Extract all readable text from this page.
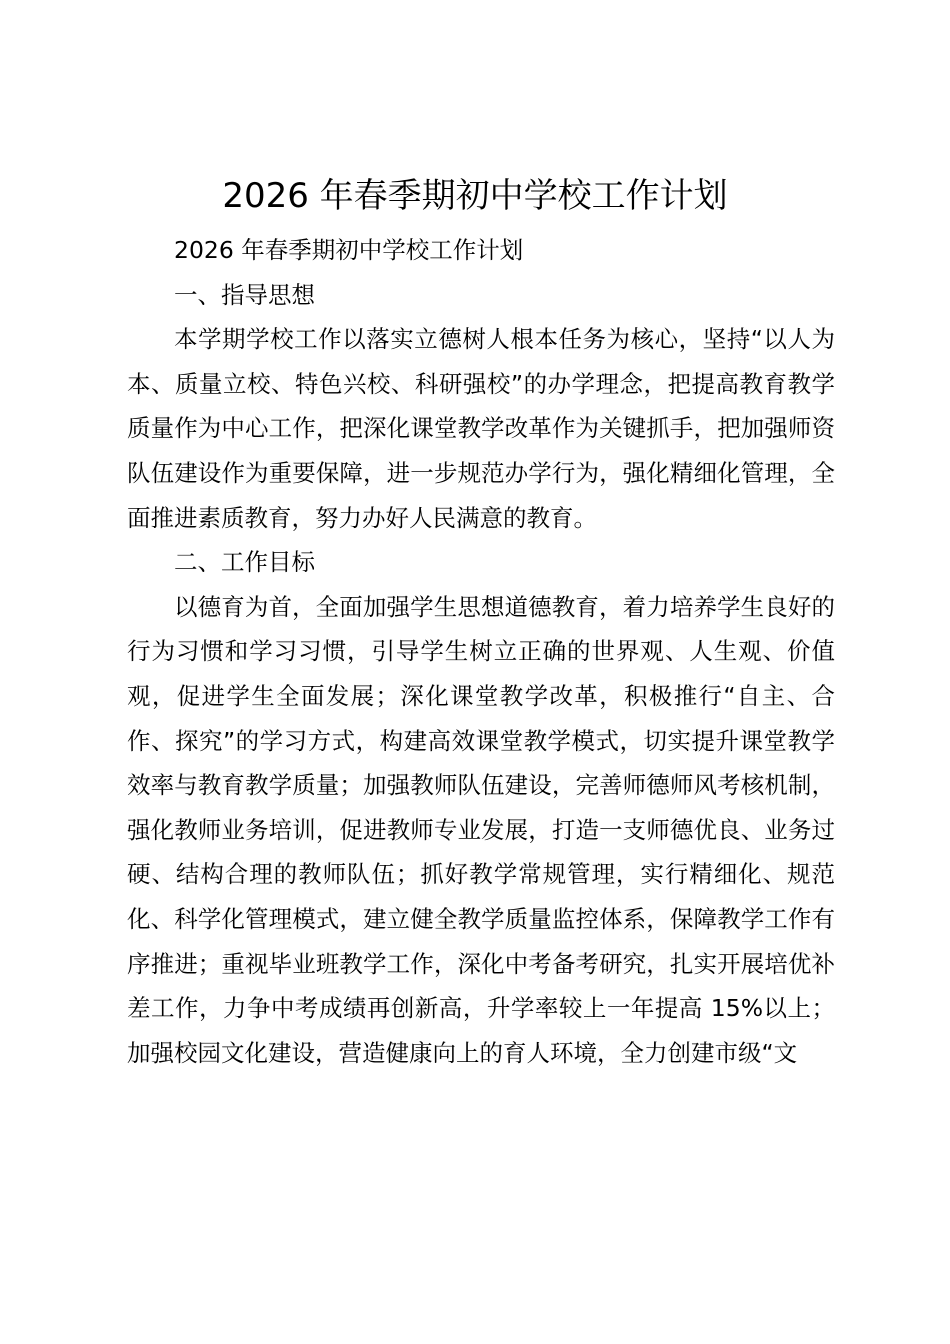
2026 年春季期初中学校工作计划

2026 年春季期初中学校工作计划

一、指导思想

本学期学校工作以落实立德树人根本任务为核心，坚持“以人为本、质量立校、特色兴校、科研强校”的办学理念，把提高教育教学质量作为中心工作，把深化课堂教学改革作为关键抓手，把加强师资队伍建设作为重要保障，进一步规范办学行为，强化精细化管理，全面推进素质教育，努力办好人民满意的教育。

二、工作目标

以德育为首，全面加强学生思想道德教育，着力培养学生良好的行为习惯和学习习惯，引导学生树立正确的世界观、人生观、价值观，促进学生全面发展；深化课堂教学改革，积极推行“自主、合作、探究”的学习方式，构建高效课堂教学模式，切实提升课堂教学效率与教育教学质量；加强教师队伍建设，完善师德师风考核机制，强化教师业务培训，促进教师专业发展，打造一支师德优良、业务过硬、结构合理的教师队伍；抓好教学常规管理，实行精细化、规范化、科学化管理模式，建立健全教学质量监控体系，保障教学工作有序推进；重视毕业班教学工作，深化中考备考研究，扎实开展培优补差工作，力争中考成绩再创新高，升学率较上一年提高 15%以上；加强校园文化建设，营造健康向上的育人环境，全力创建市级“文
